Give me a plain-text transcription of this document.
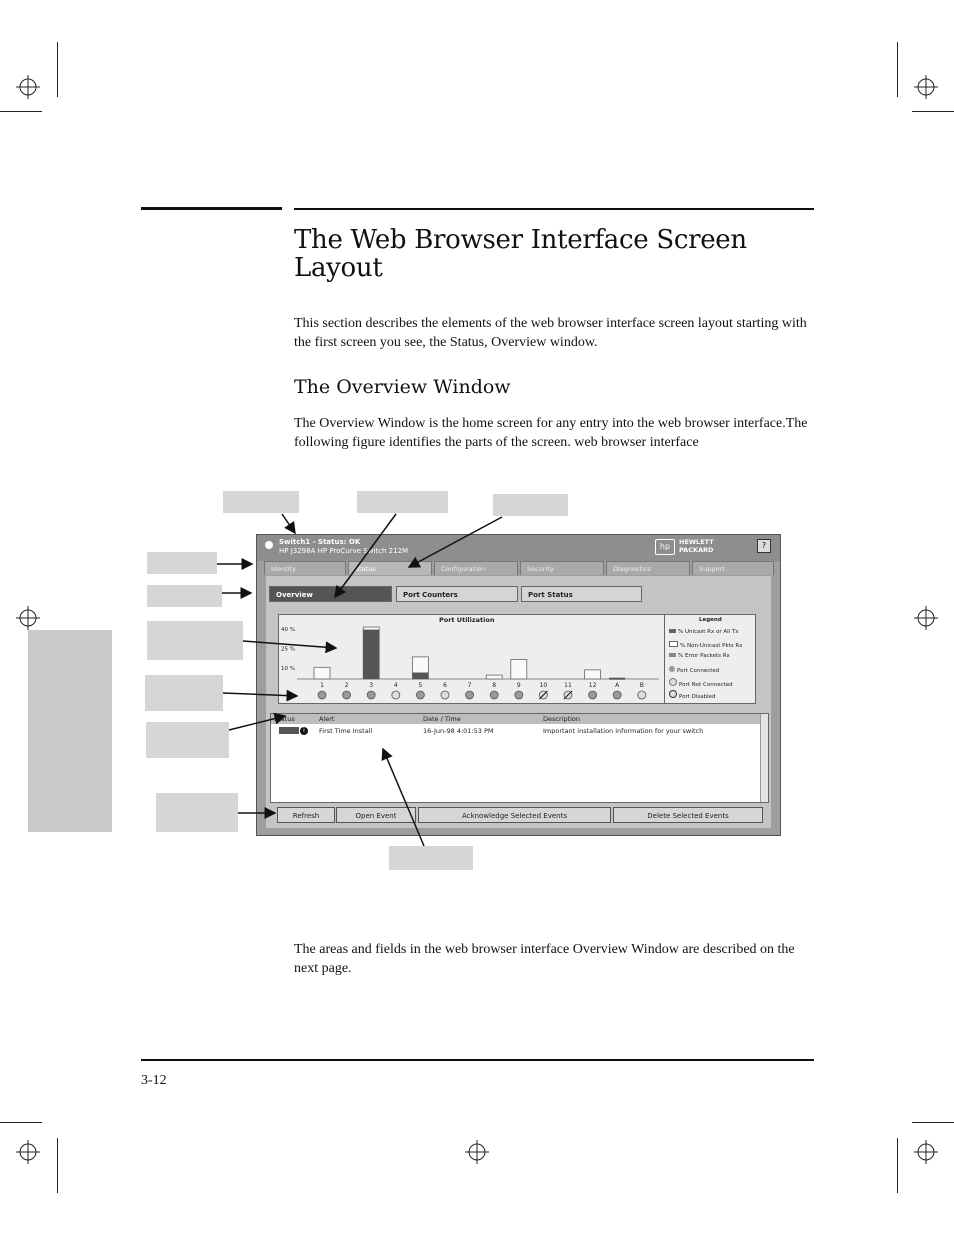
The Web Browser Interface Screen Layout

This section describes the elements of the web browser interface screen layout starting with the first screen you see, the Status, Overview window.

The Overview Window

The Overview Window is the home screen for any entry into the web browser interface.The following figure identifies the parts of the screen. web browser interface

Switch1 - Status: OK
HP J3298A HP ProCurve Switch 212M	hp	HEWLETT
PACKARD	?
Identity	Status	Configuration	Security	Diagnostics	Support
Overview	Port Counters	Port Status
Port Utilization
40 %
25 %
10 %
1	2	3	4	5	6	7	8	9	10	11	12	A	B
Legend
% Unicast Rx or All Tx
% Non-Unicast Pkts Rx
% Error Packets Rx
Port Connected
Port Not Connected
Port Disabled
Status	Alert	Date / Time	Description
i	First Time Install	16-Jun-98 4:01:53 PM	Important installation information for your switch
Refresh	Open Event	Acknowledge Selected Events	Delete Selected Events

The areas and fields in the web browser interface Overview Window are described on the next page.

3-12
